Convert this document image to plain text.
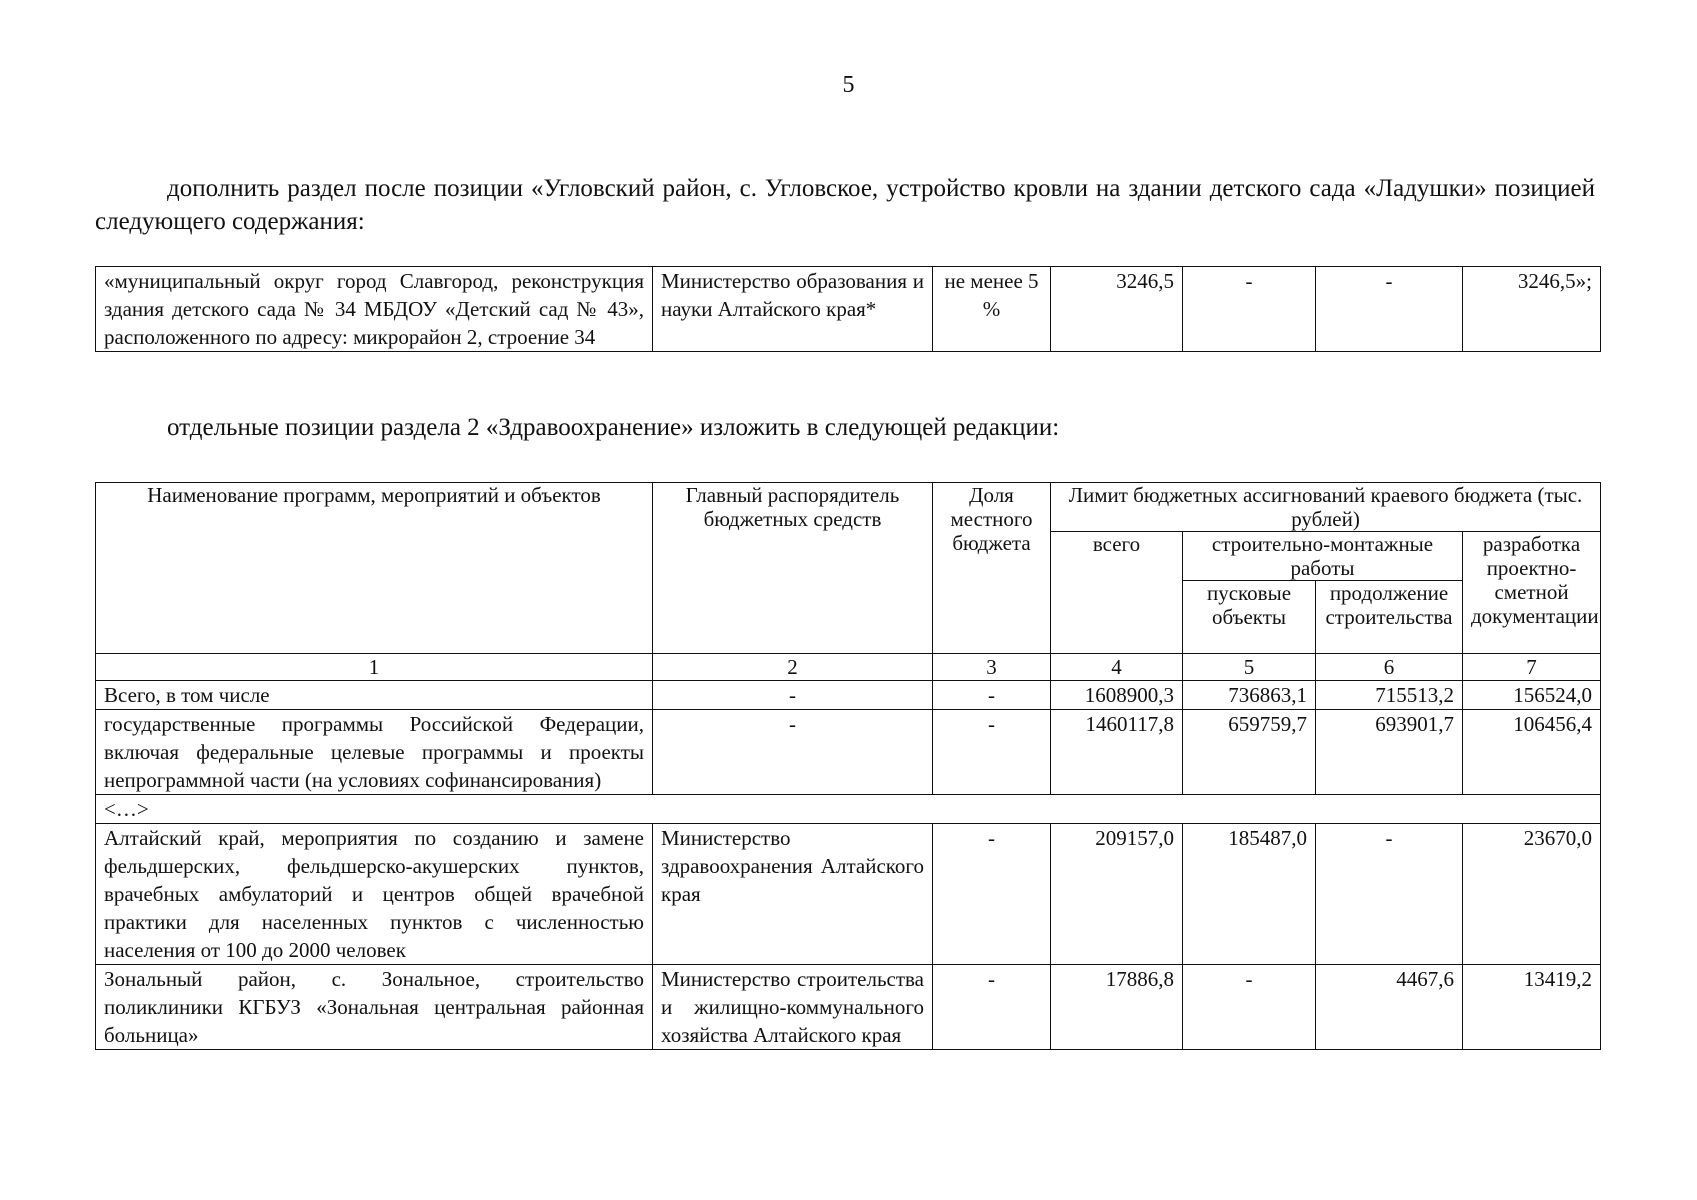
5
дополнить раздел после позиции «Угловский район, с. Угловское, устройство кровли на здании детского сада «Ладушки» позицией следующего содержания:
«муниципальный округ город Славгород, реконструкция здания детского сада № 34 МБДОУ «Детский сад № 43», расположенного по адресу: микрорайон 2, строение 34	Министерство образования и науки Алтайского края*	не менее 5 %	3246,5	-	-	3246,5»;
отдельные позиции раздела 2 «Здравоохранение» изложить в следующей редакции:
Наименование программ, мероприятий и объектов	Главный распорядитель бюджетных средств	Доля местного бюджета	Лимит бюджетных ассигнований краевого бюджета (тыс. рублей)			
			всего	строительно-монтажные работы		разработка проектно-сметной документации
				пусковые объекты	продолжение строительства	
1	2	3	4	5	6	7
Всего, в том числе	-	-	1608900,3	736863,1	715513,2	156524,0
государственные программы Российской Федерации, включая федеральные целевые программы и проекты непрограммной части (на условиях софинансирования)	-	-	1460117,8	659759,7	693901,7	106456,4
<…>						
Алтайский край, мероприятия по созданию и замене фельдшерских, фельдшерско-акушерских пунктов, врачебных амбулаторий и центров общей врачебной практики для населенных пунктов с численностью населения от 100 до 2000 человек	Министерство здравоохранения Алтайского края	-	209157,0	185487,0	-	23670,0
Зональный район, с. Зональное, строительство поликлиники КГБУЗ «Зональная центральная районная больница»	Министерство строительства и жилищно-коммунального хозяйства Алтайского края	-	17886,8	-	4467,6	13419,2
